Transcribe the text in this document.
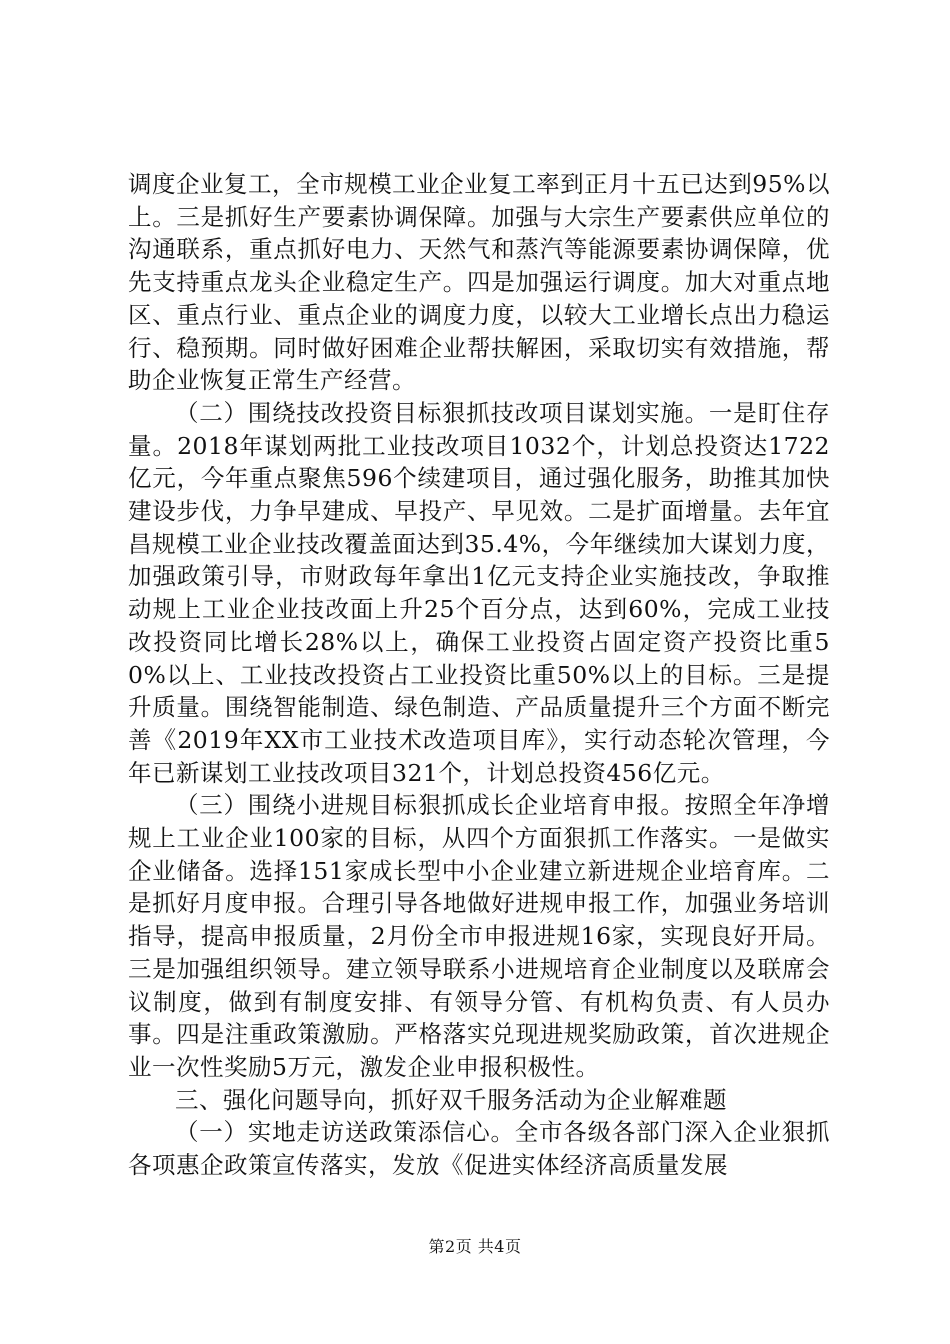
调度企业复工，全市规模工业企业复工率到正月十五已达到95%以上。三是抓好生产要素协调保障。加强与大宗生产要素供应单位的沟通联系，重点抓好电力、天然气和蒸汽等能源要素协调保障，优先支持重点龙头企业稳定生产。四是加强运行调度。加大对重点地区、重点行业、重点企业的调度力度，以较大工业增长点出力稳运行、稳预期。同时做好困难企业帮扶解困，采取切实有效措施，帮助企业恢复正常生产经营。

（二）围绕技改投资目标狠抓技改项目谋划实施。一是盯住存量。2018年谋划两批工业技改项目1032个，计划总投资达1722亿元，今年重点聚焦596个续建项目，通过强化服务，助推其加快建设步伐，力争早建成、早投产、早见效。二是扩面增量。去年宜昌规模工业企业技改覆盖面达到35.4%，今年继续加大谋划力度，加强政策引导，市财政每年拿出1亿元支持企业实施技改，争取推动规上工业企业技改面上升25个百分点，达到60%，完成工业技改投资同比增长28%以上，确保工业投资占固定资产投资比重50%以上、工业技改投资占工业投资比重50%以上的目标。三是提升质量。围绕智能制造、绿色制造、产品质量提升三个方面不断完善《2019年XX市工业技术改造项目库》，实行动态轮次管理，今年已新谋划工业技改项目321个，计划总投资456亿元。

（三）围绕小进规目标狠抓成长企业培育申报。按照全年净增规上工业企业100家的目标，从四个方面狠抓工作落实。一是做实企业储备。选择151家成长型中小企业建立新进规企业培育库。二是抓好月度申报。合理引导各地做好进规申报工作，加强业务培训指导，提高申报质量，2月份全市申报进规16家，实现良好开局。三是加强组织领导。建立领导联系小进规培育企业制度以及联席会议制度，做到有制度安排、有领导分管、有机构负责、有人员办事。四是注重政策激励。严格落实兑现进规奖励政策，首次进规企业一次性奖励5万元，激发企业申报积极性。

三、强化问题导向，抓好双千服务活动为企业解难题

（一）实地走访送政策添信心。全市各级各部门深入企业狠抓各项惠企政策宣传落实，发放《促进实体经济高质量发展

第2页 共4页
